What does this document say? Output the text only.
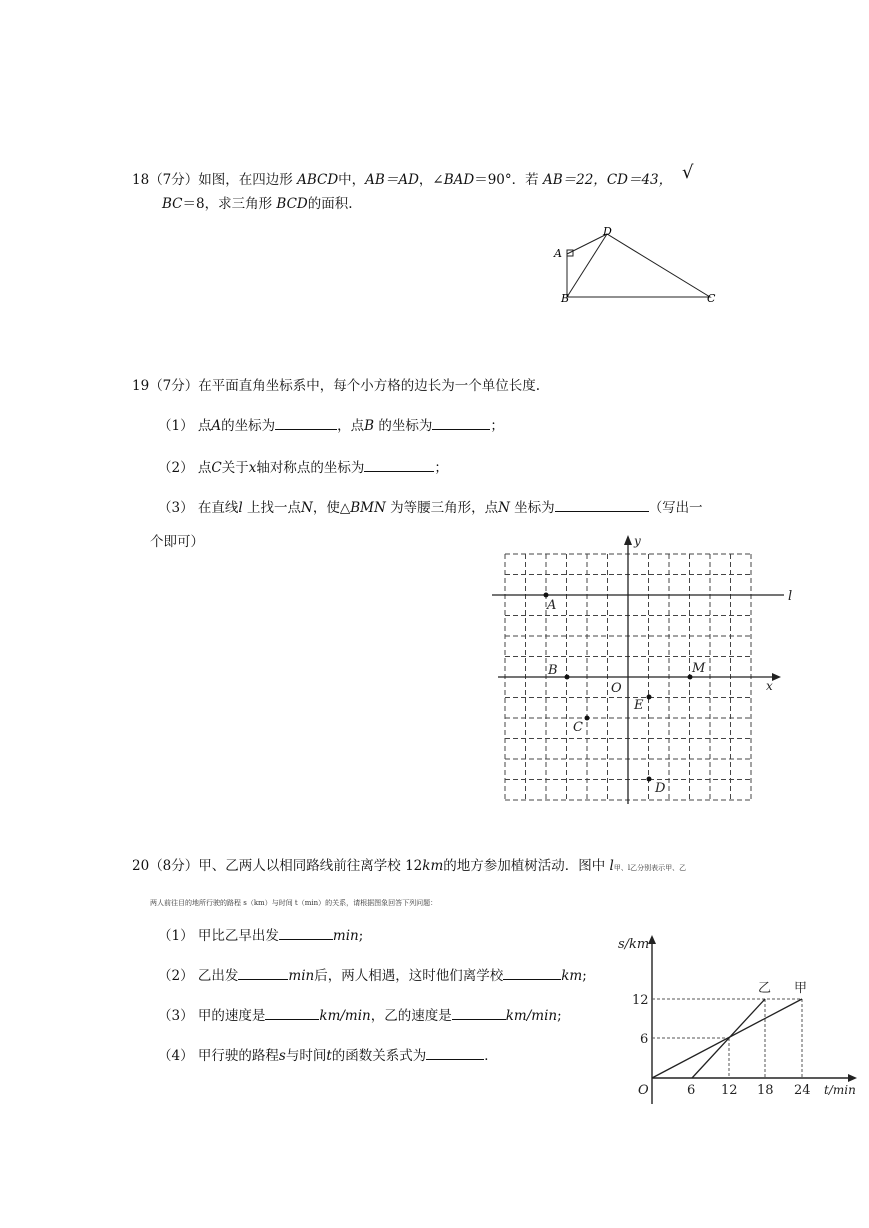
18（7分）如图，在四边形 ABCD中，AB＝AD，∠BAD＝90°．若 AB＝22，CD＝43， √
BC＝8，求三角形 BCD的面积.
A
B	C
D
19（7分）在平面直角坐标系中，每个小方格的边长为一个单位长度.
（1） 点A的坐标为	，点B 的坐标为	；
（2） 点C关于x轴对称点的坐标为	；
（3） 在直线l 上找一点N，使△BMN 为等腰三角形，点N 坐标为	（写出一
个即可）
A
B	M
O
E
C
D
x
y
l
20（8分）甲、乙两人以相同路线前往离学校 12km的地方参加植树活动．图中 l甲、l乙分别表示甲、乙
两人前往目的地所行驶的路程 s（km）与时间 t（min）的关系，请根据图象回答下列问题：
（1） 甲比乙早出发	min;
（2） 乙出发	min后，两人相遇，这时他们离学校	km;
（3） 甲的速度是	km/min，乙的速度是	km/min;
（4） 甲行驶的路程s与时间t的函数关系式为	．
s/km
t/min
O	6 12 18 24
6
12
乙 甲
